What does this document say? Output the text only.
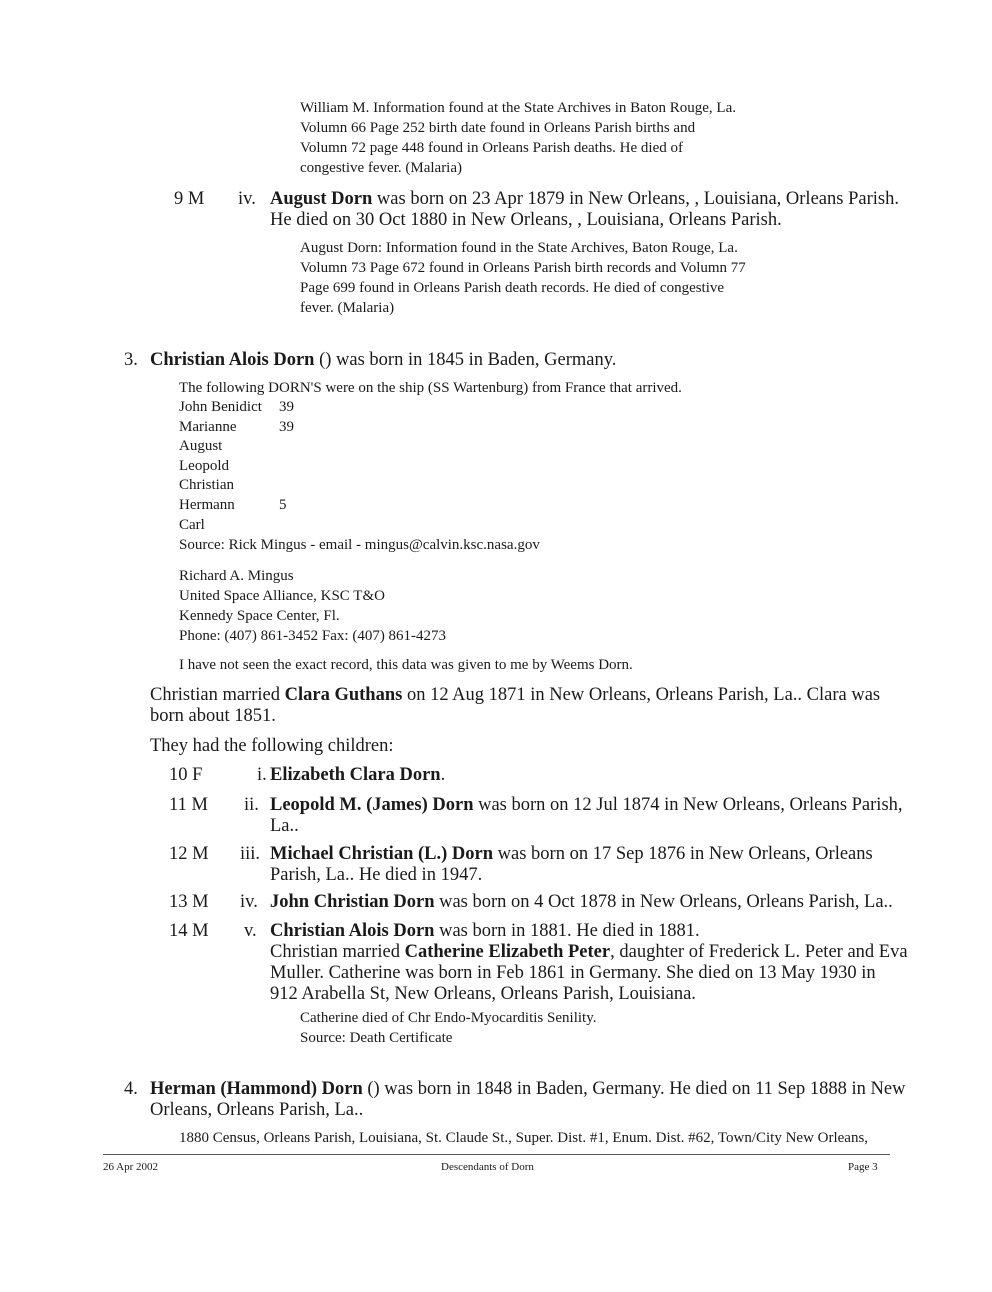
William M. Information found at the State Archives in Baton Rouge, La.
Volumn 66 Page 252 birth date found in Orleans Parish births and
Volumn 72 page 448 found in Orleans Parish deaths. He died of
congestive fever. (Malaria)
9 M iv. August Dorn was born on 23 Apr 1879 in New Orleans, , Louisiana, Orleans Parish.
He died on 30 Oct 1880 in New Orleans, , Louisiana, Orleans Parish.
August Dorn: Information found in the State Archives, Baton Rouge, La.
Volumn 73 Page 672 found in Orleans Parish birth records and Volumn 77
Page 699 found in Orleans Parish death records. He died of congestive
fever. (Malaria)
3. Christian Alois Dorn () was born in 1845 in Baden, Germany.
The following DORN'S were on the ship (SS Wartenburg) from France that arrived.
John Benidict	39
Marianne	39
August	
Leopold	
Christian	
Hermann	5
Carl	
Source: Rick Mingus - email - mingus@calvin.ksc.nasa.gov
Richard A. Mingus
United Space Alliance, KSC T&O
Kennedy Space Center, Fl.
Phone: (407) 861-3452 Fax: (407) 861-4273
I have not seen the exact record, this data was given to me by Weems Dorn.
Christian married Clara Guthans on 12 Aug 1871 in New Orleans, Orleans Parish, La.. Clara was
born about 1851.
They had the following children:
10 F	i. Elizabeth Clara Dorn.
11 M ii. Leopold M. (James) Dorn was born on 12 Jul 1874 in New Orleans, Orleans Parish,
La..
12 M iii. Michael Christian (L.) Dorn was born on 17 Sep 1876 in New Orleans, Orleans
Parish, La.. He died in 1947.
13 M iv. John Christian Dorn was born on 4 Oct 1878 in New Orleans, Orleans Parish, La..
14 M v. Christian Alois Dorn was born in 1881. He died in 1881.
Christian married Catherine Elizabeth Peter, daughter of Frederick L. Peter and Eva
Muller. Catherine was born in Feb 1861 in Germany. She died on 13 May 1930 in
912 Arabella St, New Orleans, Orleans Parish, Louisiana.
Catherine died of Chr Endo-Myocarditis Senility.
Source: Death Certificate
4. Herman (Hammond) Dorn () was born in 1848 in Baden, Germany. He died on 11 Sep 1888 in New
Orleans, Orleans Parish, La..
1880 Census, Orleans Parish, Louisiana, St. Claude St., Super. Dist. #1, Enum. Dist. #62, Town/City New Orleans,
26 Apr 2002	Descendants of Dorn	Page 3
